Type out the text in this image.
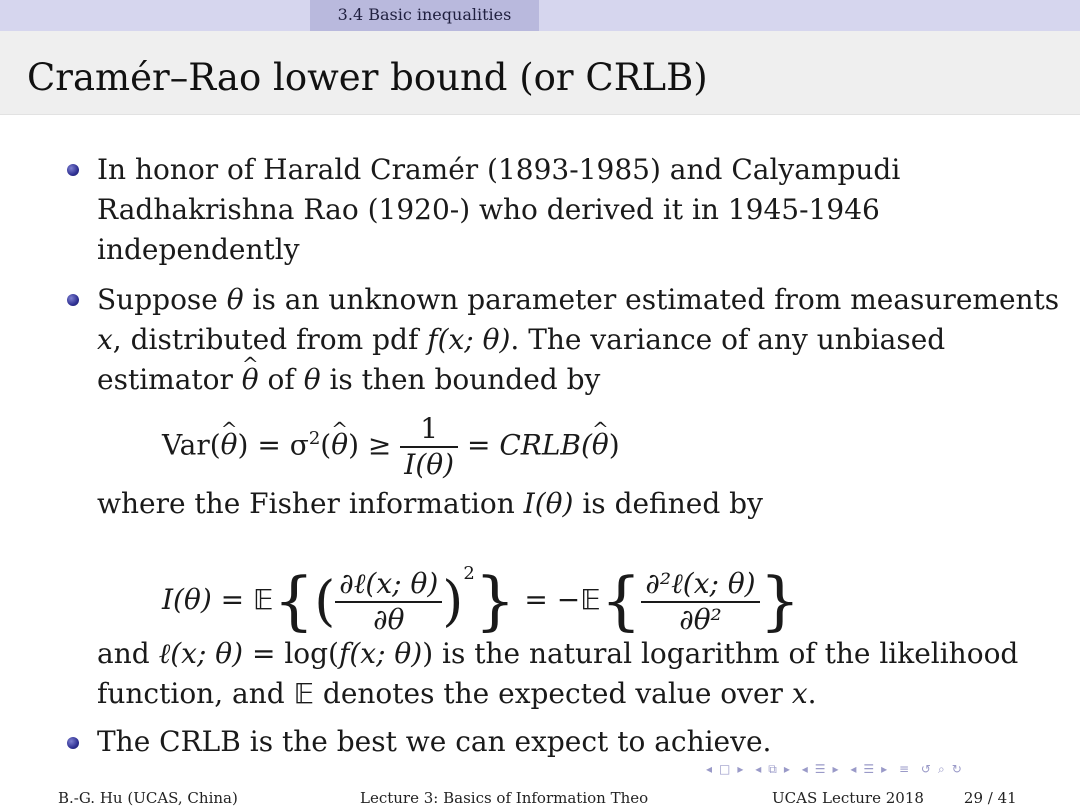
3.4 Basic inequalities
Cramér–Rao lower bound (or CRLB)
In honor of Harald Cramér (1893-1985) and Calyampudi
Radhakrishna Rao (1920-) who derived it in 1945-1946
independently
Suppose θ is an unknown parameter estimated from measurements
x, distributed from pdf f(x; θ). The variance of any unbiased
estimator ^ θ of θ is then bounded by
Var(^ $\theta) = \sigma^2(\^{}$ $\theta) \ge \frac{1}{I(\theta)}$ = CRLB(^ θ)
where the Fisher information I(θ) is defined by
I(θ) = 𝔼{( $\frac{\text{∂ℓ(x; θ)}}{\partial\theta} )^2$} = −𝔼{ $\frac{\text{∂²ℓ(x; θ)}}{\text{∂θ²}}$ }
and ℓ(x; θ) = log(f(x; θ)) is the natural logarithm of the likelihood
function, and 𝔼 denotes the expected value over x.
The CRLB is the best we can expect to achieve.
◂ □ ▸ ◂ ⧉ ▸ ◂ ☰ ▸ ◂ ☰ ▸ ≡ ↺ ⌕ ↻
B.-G. Hu (UCAS, China)	Lecture 3: Basics of Information Theo	UCAS Lecture 2018	29 / 41
